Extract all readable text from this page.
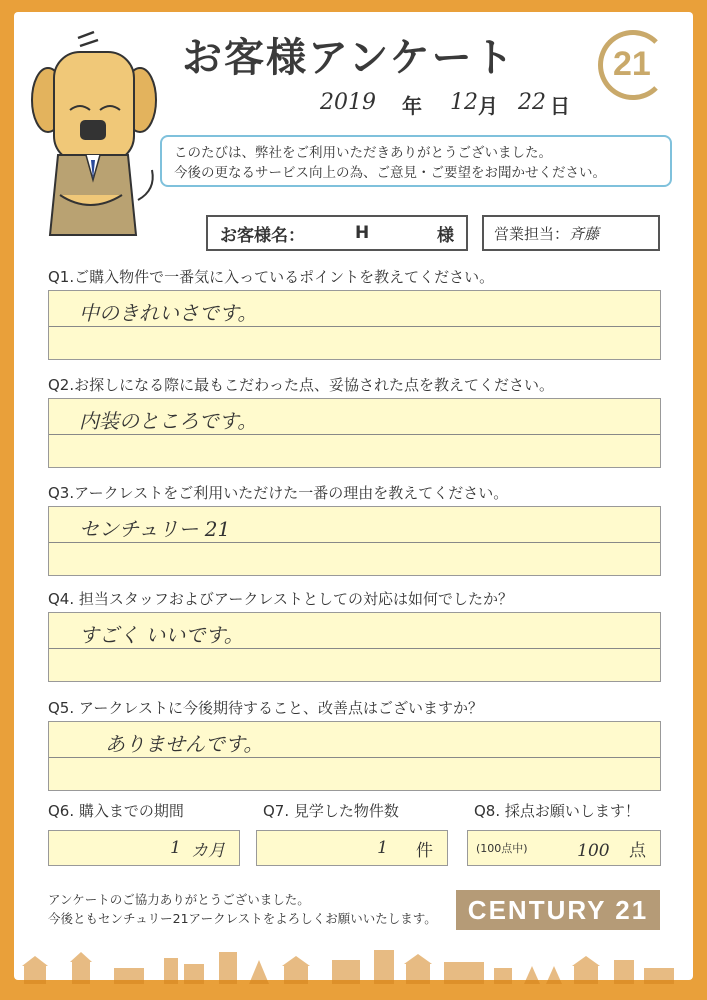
お客様アンケート	21
2019 年 12 月 22 日
このたびは、弊社をご利用いただきありがとうございました。
今後の更なるサービス向上の為、ご意見・ご要望をお聞かせください。
お客様名：	H	様	営業担当： 斉藤
Q1.ご購入物件で一番気に入っているポイントを教えてください。
中のきれいさです。
Q2.お探しになる際に最もこだわった点、妥協された点を教えてください。
内装のところです。
Q3.アークレストをご利用いただけた一番の理由を教えてください。
センチュリー 21
Q4. 担当スタッフおよびアークレストとしての対応は如何でしたか？
すごく いいです。
Q5. アークレストに今後期待すること、改善点はございますか？
ありませんです。
Q6. 購入までの期間
1 カ月
Q7. 見学した物件数
1 件
Q8. 採点お願いします！
(100点中)	100 点
アンケートのご協力ありがとうございました。
今後ともセンチュリー21アークレストをよろしくお願いいたします。	CENTURY 21
